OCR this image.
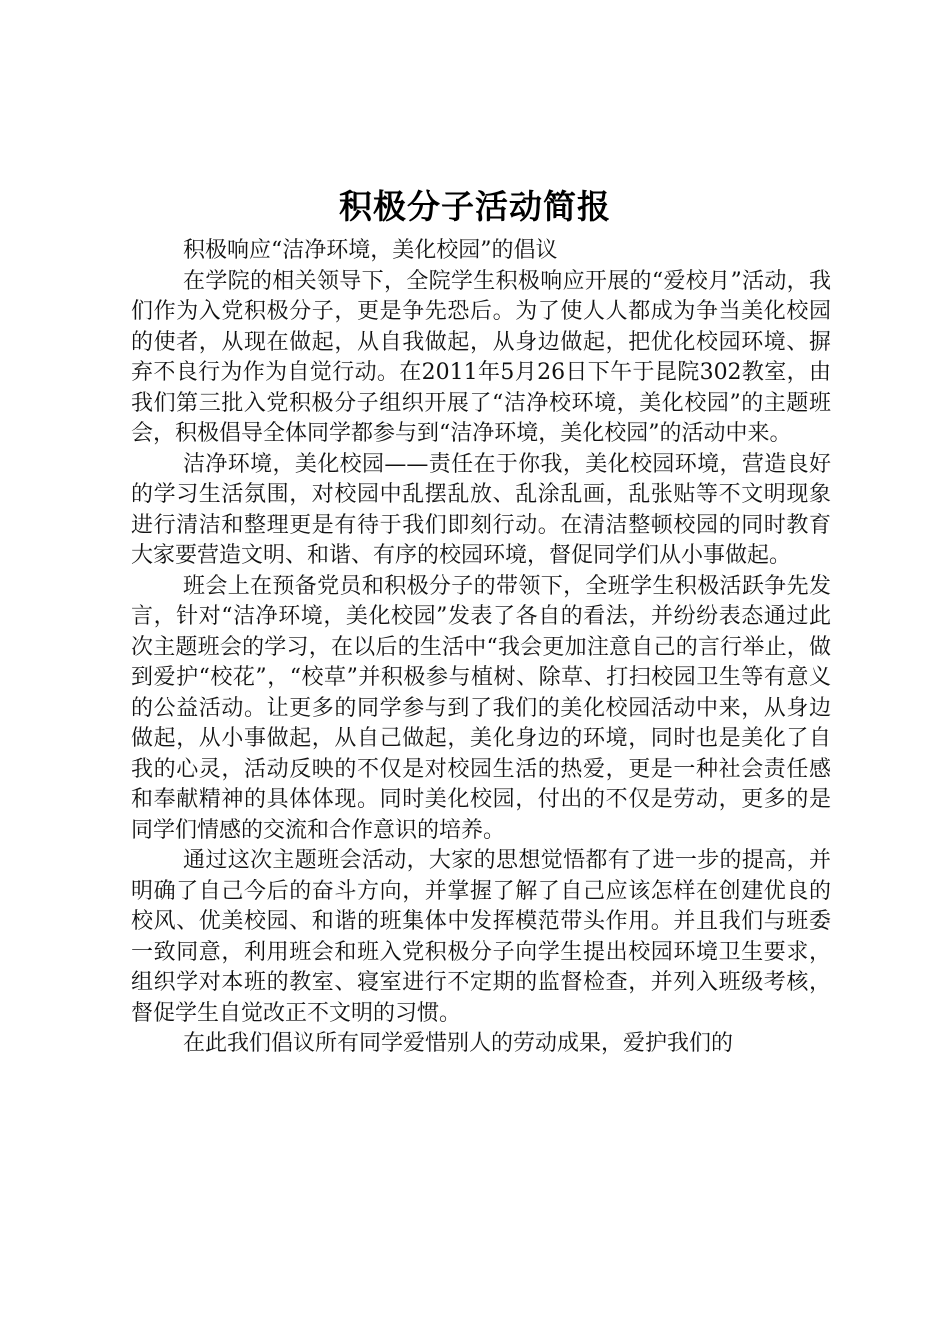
积极分子活动简报

积极响应“洁净环境，美化校园”的倡议

在学院的相关领导下，全院学生积极响应开展的“爱校月”活动，我们作为入党积极分子，更是争先恐后。为了使人人都成为争当美化校园的使者，从现在做起，从自我做起，从身边做起，把优化校园环境、摒弃不良行为作为自觉行动。在2011年5月26日下午于昆院302教室，由我们第三批入党积极分子组织开展了“洁净校环境，美化校园”的主题班会，积极倡导全体同学都参与到“洁净环境，美化校园”的活动中来。

洁净环境，美化校园——责任在于你我，美化校园环境，营造良好的学习生活氛围，对校园中乱摆乱放、乱涂乱画，乱张贴等不文明现象进行清洁和整理更是有待于我们即刻行动。在清洁整顿校园的同时教育大家要营造文明、和谐、有序的校园环境，督促同学们从小事做起。

班会上在预备党员和积极分子的带领下，全班学生积极活跃争先发言，针对“洁净环境，美化校园”发表了各自的看法，并纷纷表态通过此次主题班会的学习，在以后的生活中“我会更加注意自己的言行举止，做到爱护“校花”，“校草”并积极参与植树、除草、打扫校园卫生等有意义的公益活动。让更多的同学参与到了我们的美化校园活动中来，从身边做起，从小事做起，从自己做起，美化身边的环境，同时也是美化了自我的心灵，活动反映的不仅是对校园生活的热爱，更是一种社会责任感和奉献精神的具体体现。同时美化校园，付出的不仅是劳动，更多的是同学们情感的交流和合作意识的培养。

通过这次主题班会活动，大家的思想觉悟都有了进一步的提高，并明确了自己今后的奋斗方向，并掌握了解了自己应该怎样在创建优良的校风、优美校园、和谐的班集体中发挥模范带头作用。并且我们与班委一致同意，利用班会和班入党积极分子向学生提出校园环境卫生要求，组织学对本班的教室、寝室进行不定期的监督检查，并列入班级考核，督促学生自觉改正不文明的习惯。

在此我们倡议所有同学爱惜别人的劳动成果，爱护我们的
